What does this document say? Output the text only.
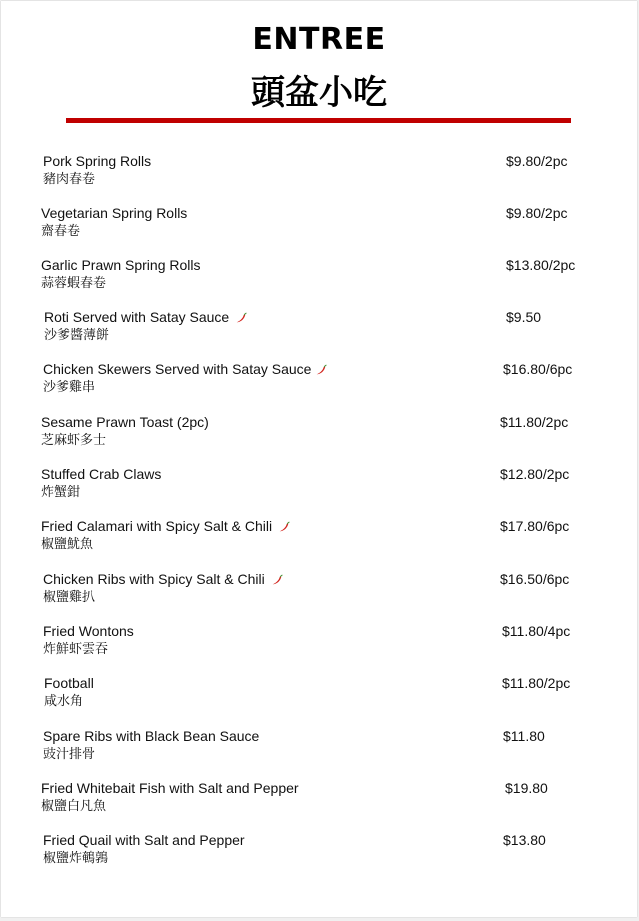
ENTREE
頭盆小吃
Pork Spring Rolls
豬肉春卷
$9.80/2pc
Vegetarian Spring Rolls
齋春卷
$9.80/2pc
Garlic Prawn Spring Rolls
蒜蓉蝦春卷
$13.80/2pc
Roti Served with Satay Sauce
沙爹醬薄餅
$9.50
Chicken Skewers Served with Satay Sauce
沙爹雞串
$16.80/6pc
Sesame Prawn Toast (2pc)
芝麻虾多士
$11.80/2pc
Stuffed Crab Claws
炸蟹鉗
$12.80/2pc
Fried Calamari with Spicy Salt & Chili
椒鹽魷魚
$17.80/6pc
Chicken Ribs with Spicy Salt & Chili
椒鹽雞扒
$16.50/6pc
Fried Wontons
炸鮮虾雲吞
$11.80/4pc
Football
咸水角
$11.80/2pc
Spare Ribs with Black Bean Sauce
豉汁排骨
$11.80
Fried Whitebait Fish with Salt and Pepper
椒鹽白凡魚
$19.80
Fried Quail with Salt and Pepper
椒鹽炸鵪鶉
$13.80
